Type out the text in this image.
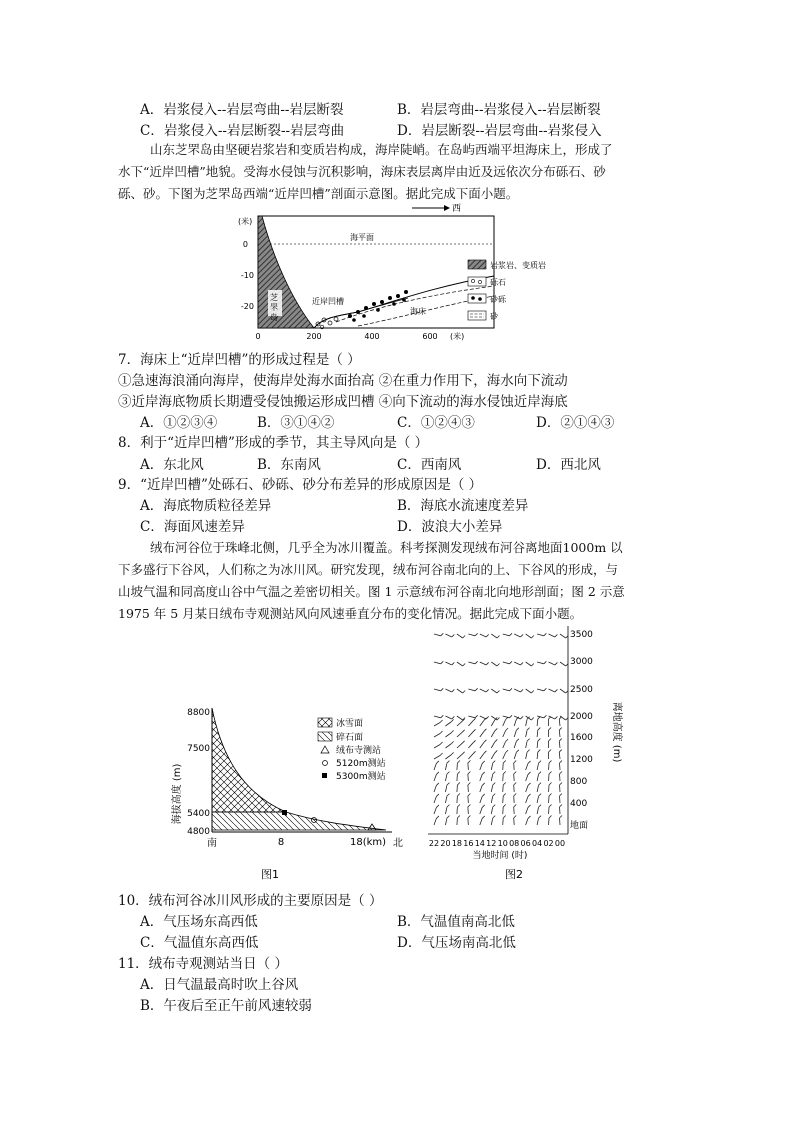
A．岩浆侵入--岩层弯曲--岩层断裂	B．岩层弯曲--岩浆侵入--岩层断裂
C．岩浆侵入--岩层断裂--岩层弯曲	D．岩层断裂--岩层弯曲--岩浆侵入
山东芝罘岛由坚硬岩浆岩和变质岩构成，海岸陡峭。在岛屿西端平坦海床上，形成了
水下“近岸凹槽”地貌。受海水侵蚀与沉积影响，海床表层离岸由近及远依次分布砾石、砂
砾、砂。下图为芝罘岛西端“近岸凹槽”剖面示意图。据此完成下面小题。
西
(米)
0
-10
-20
海平面
芝
罘
岛
近岸凹槽
海床
0	200	400	600 (米)
岩浆岩、变质岩
砾石
砂砾
砂
7．海床上“近岸凹槽”的形成过程是（ ）
①急速海浪涌向海岸，使海岸处海水面抬高 ②在重力作用下，海水向下流动
③近岸海底物质长期遭受侵蚀搬运形成凹槽 ④向下流动的海水侵蚀近岸海底
A．①②③④	B．③①④②	C．①②④③	D．②①④③
8．利于“近岸凹槽”形成的季节，其主导风向是（ ）
A．东北风	B．东南风	C．西南风	D．西北风
9．“近岸凹槽”处砾石、砂砾、砂分布差异的形成原因是（ ）
A．海底物质粒径差异	B．海底水流速度差异
C．海面风速差异	D．波浪大小差异
绒布河谷位于珠峰北侧，几乎全为冰川覆盖。科考探测发现绒布河谷离地面1000m 以
下多盛行下谷风，人们称之为冰川风。研究发现，绒布河谷南北向的上、下谷风的形成，与
山坡气温和同高度山谷中气温之差密切相关。图 1 示意绒布河谷南北向地形剖面；图 2 示意
1975 年 5 月某日绒布寺观测站风向风速垂直分布的变化情况。据此完成下面小题。
海拔高度 (m)
8800
7500
5400
4800
南	8	18(km) 北
冰雪面
碎石面
绒布寺测站
5120m测站
5300m测站
图1
3500
3000
2500
2000
1600
1200
800
400
地面
离地高度 (m)
22 20 18 16 14 12 10 08 06 04 02 00
当地时间 (时)
图2
10．绒布河谷冰川风形成的主要原因是（ ）
A．气压场东高西低	B．气温值南高北低
C．气温值东高西低	D．气压场南高北低
11．绒布寺观测站当日（ ）
A．日气温最高时吹上谷风
B．午夜后至正午前风速较弱
